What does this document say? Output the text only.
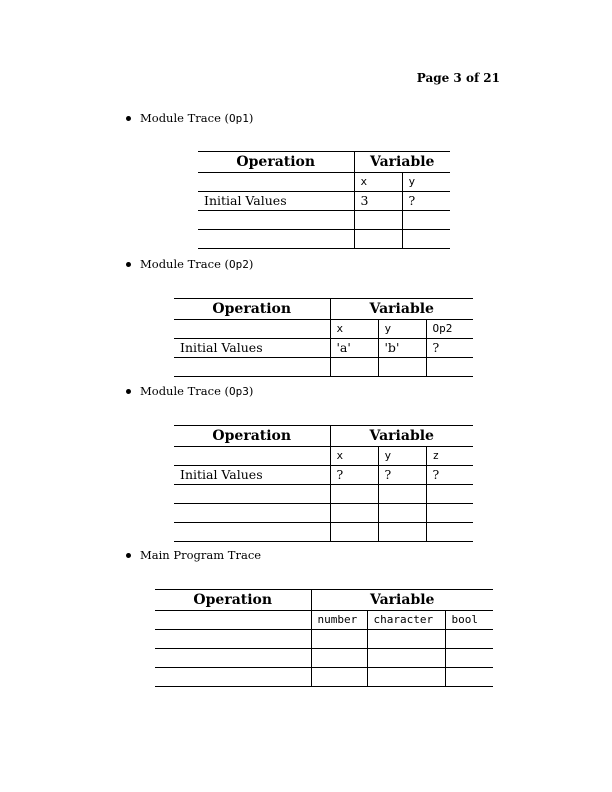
Page 3 of 21
Module Trace ( Op1 )
Operation	Variable	
	x	y
Initial Values	3	?

Module Trace ( Op2 )
Operation	Variable		
	x	y	Op2
Initial Values	'a'	'b'	?

Module Trace ( Op3 )
Operation	Variable		
	x	y	z
Initial Values	?	?	?

Main Program Trace
Operation	Variable		
	number	character	bool
